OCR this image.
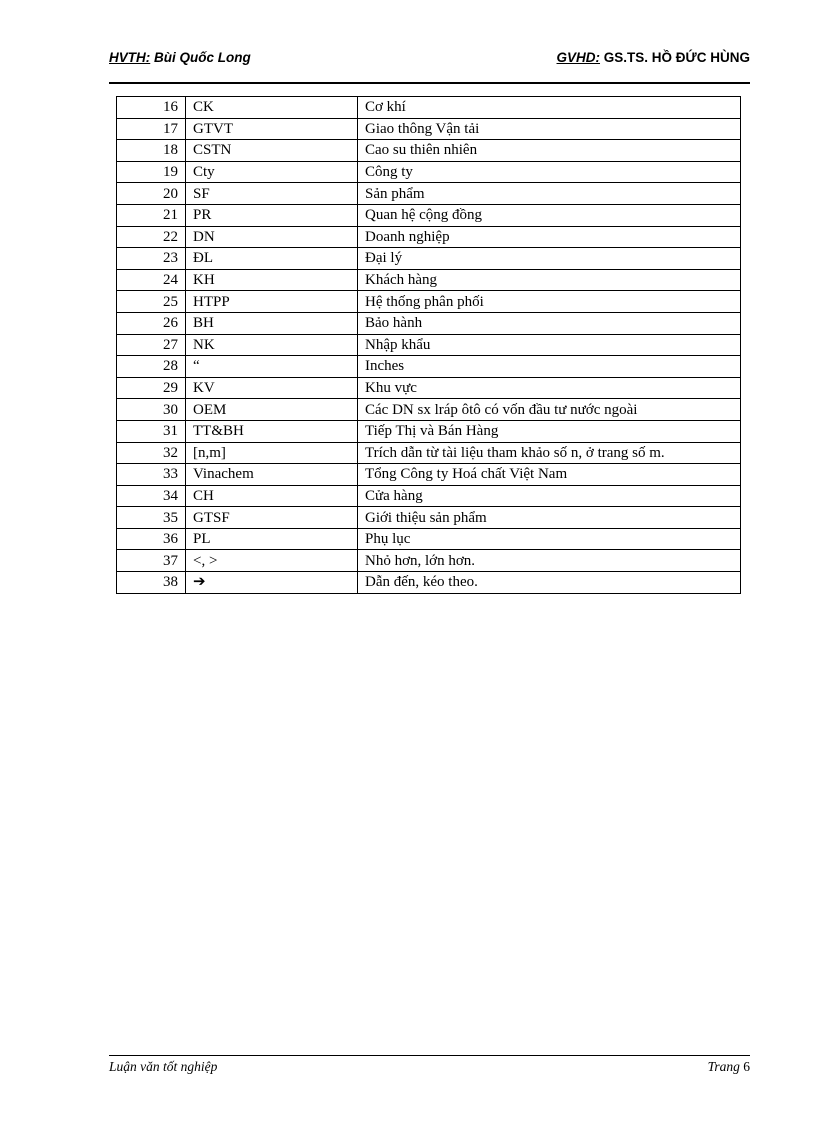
HVTH: Bùi Quốc Long	GVHD: GS.TS. HỒ ĐỨC HÙNG
16	CK	Cơ khí
17	GTVT	Giao thông Vận tải
18	CSTN	Cao su thiên nhiên
19	Cty	Công ty
20	SF	Sản phẩm
21	PR	Quan hệ cộng đồng
22	DN	Doanh nghiệp
23	ĐL	Đại lý
24	KH	Khách hàng
25	HTPP	Hệ thống phân phối
26	BH	Bảo hành
27	NK	Nhập khẩu
28	“	Inches
29	KV	Khu vực
30	OEM	Các DN sx lráp ôtô có vốn đầu tư nước ngoài
31	TT&BH	Tiếp Thị và Bán Hàng
32	[n,m]	Trích dẫn từ tài liệu tham khảo số n, ở trang số m.
33	Vinachem	Tổng Công ty Hoá chất Việt Nam
34	CH	Cửa hàng
35	GTSF	Giới thiệu sản phẩm
36	PL	Phụ lục
37	<, >	Nhỏ hơn, lớn hơn.
38	➔	Dẫn đến, kéo theo.
Luận văn tốt nghiệp	Trang 6
